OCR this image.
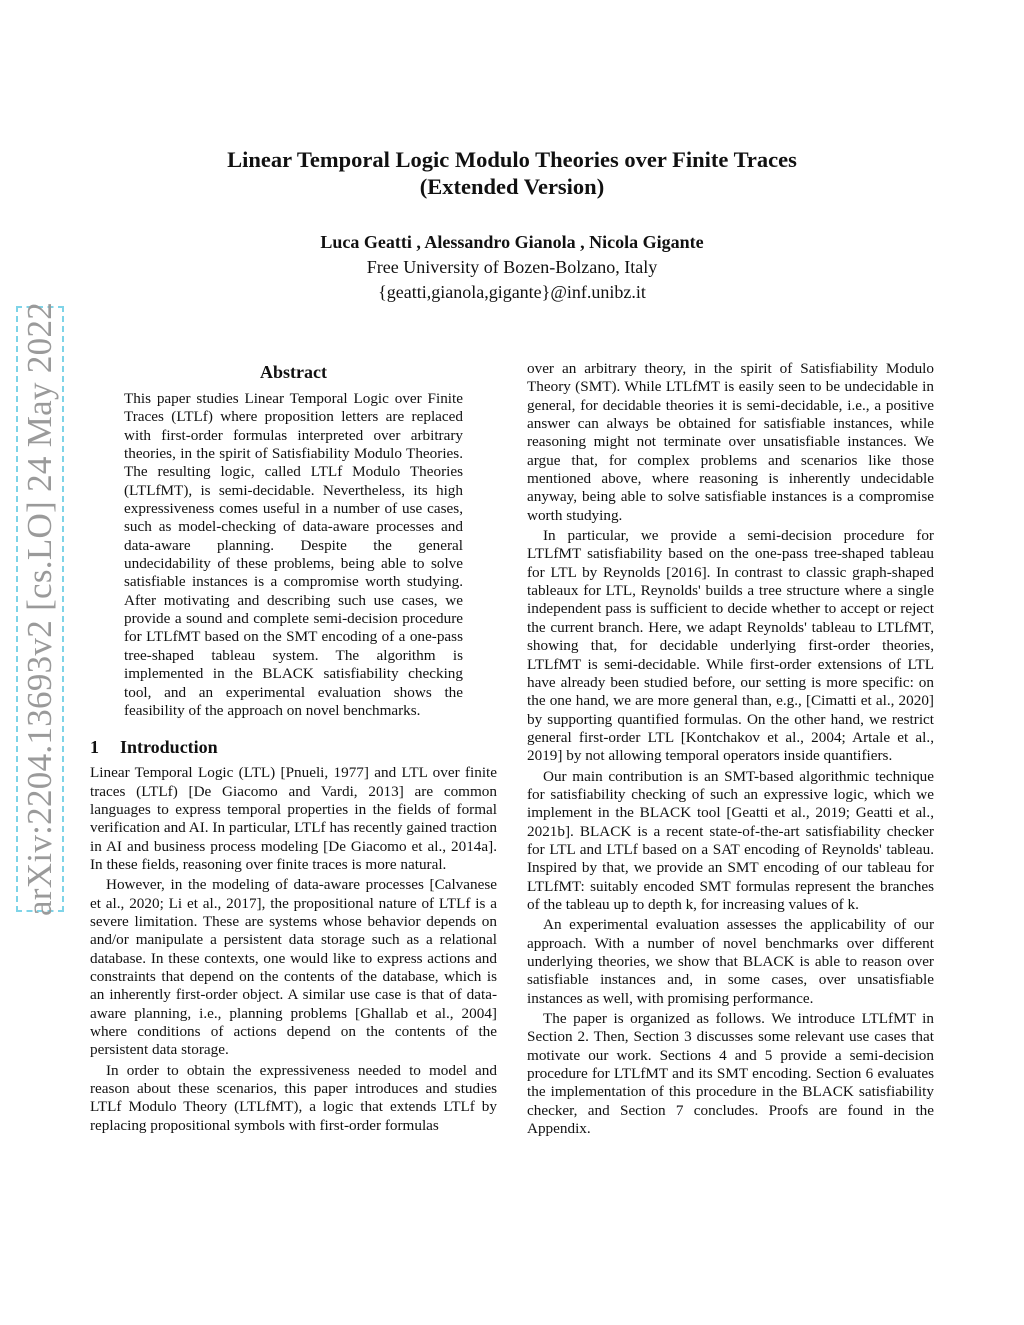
arXiv:2204.13693v2 [cs.LO] 24 May 2022
Linear Temporal Logic Modulo Theories over Finite Traces
(Extended Version)
Luca Geatti , Alessandro Gianola , Nicola Gigante
Free University of Bozen-Bolzano, Italy
{geatti,gianola,gigante}@inf.unibz.it
Abstract

This paper studies Linear Temporal Logic over Finite Traces (LTLf) where proposition letters are replaced with first-order formulas interpreted over arbitrary theories, in the spirit of Satisfiability Modulo Theories. The resulting logic, called LTLf Modulo Theories (LTLfMT), is semi-decidable. Nevertheless, its high expressiveness comes useful in a number of use cases, such as model-checking of data-aware processes and data-aware planning. Despite the general undecidability of these problems, being able to solve satisfiable instances is a compromise worth studying. After motivating and describing such use cases, we provide a sound and complete semi-decision procedure for LTLfMT based on the SMT encoding of a one-pass tree-shaped tableau system. The algorithm is implemented in the BLACK satisfiability checking tool, and an experimental evaluation shows the feasibility of the approach on novel benchmarks.

1 Introduction

Linear Temporal Logic (LTL) [Pnueli, 1977] and LTL over finite traces (LTLf) [De Giacomo and Vardi, 2013] are common languages to express temporal properties in the fields of formal verification and AI. In particular, LTLf has recently gained traction in AI and business process modeling [De Giacomo et al., 2014a]. In these fields, reasoning over finite traces is more natural.

However, in the modeling of data-aware processes [Calvanese et al., 2020; Li et al., 2017], the propositional nature of LTLf is a severe limitation. These are systems whose behavior depends on and/or manipulate a persistent data storage such as a relational database. In these contexts, one would like to express actions and constraints that depend on the contents of the database, which is an inherently first-order object. A similar use case is that of data-aware planning, i.e., planning problems [Ghallab et al., 2004] where conditions of actions depend on the contents of the persistent data storage.

In order to obtain the expressiveness needed to model and reason about these scenarios, this paper introduces and studies LTLf Modulo Theory (LTLfMT), a logic that extends LTLf by replacing propositional symbols with first-order formulas

over an arbitrary theory, in the spirit of Satisfiability Modulo Theory (SMT). While LTLfMT is easily seen to be undecidable in general, for decidable theories it is semi-decidable, i.e., a positive answer can always be obtained for satisfiable instances, while reasoning might not terminate over unsatisfiable instances. We argue that, for complex problems and scenarios like those mentioned above, where reasoning is inherently undecidable anyway, being able to solve satisfiable instances is a compromise worth studying.

In particular, we provide a semi-decision procedure for LTLfMT satisfiability based on the one-pass tree-shaped tableau for LTL by Reynolds [2016]. In contrast to classic graph-shaped tableaux for LTL, Reynolds' builds a tree structure where a single independent pass is sufficient to decide whether to accept or reject the current branch. Here, we adapt Reynolds' tableau to LTLfMT, showing that, for decidable underlying first-order theories, LTLfMT is semi-decidable. While first-order extensions of LTL have already been studied before, our setting is more specific: on the one hand, we are more general than, e.g., [Cimatti et al., 2020] by supporting quantified formulas. On the other hand, we restrict general first-order LTL [Kontchakov et al., 2004; Artale et al., 2019] by not allowing temporal operators inside quantifiers.

Our main contribution is an SMT-based algorithmic technique for satisfiability checking of such an expressive logic, which we implement in the BLACK tool [Geatti et al., 2019; Geatti et al., 2021b]. BLACK is a recent state-of-the-art satisfiability checker for LTL and LTLf based on a SAT encoding of Reynolds' tableau. Inspired by that, we provide an SMT encoding of our tableau for LTLfMT: suitably encoded SMT formulas represent the branches of the tableau up to depth k, for increasing values of k.

An experimental evaluation assesses the applicability of our approach. With a number of novel benchmarks over different underlying theories, we show that BLACK is able to reason over satisfiable instances and, in some cases, over unsatisfiable instances as well, with promising performance.

The paper is organized as follows. We introduce LTLfMT in Section 2. Then, Section 3 discusses some relevant use cases that motivate our work. Sections 4 and 5 provide a semi-decision procedure for LTLfMT and its SMT encoding. Section 6 evaluates the implementation of this procedure in the BLACK satisfiability checker, and Section 7 concludes. Proofs are found in the Appendix.
